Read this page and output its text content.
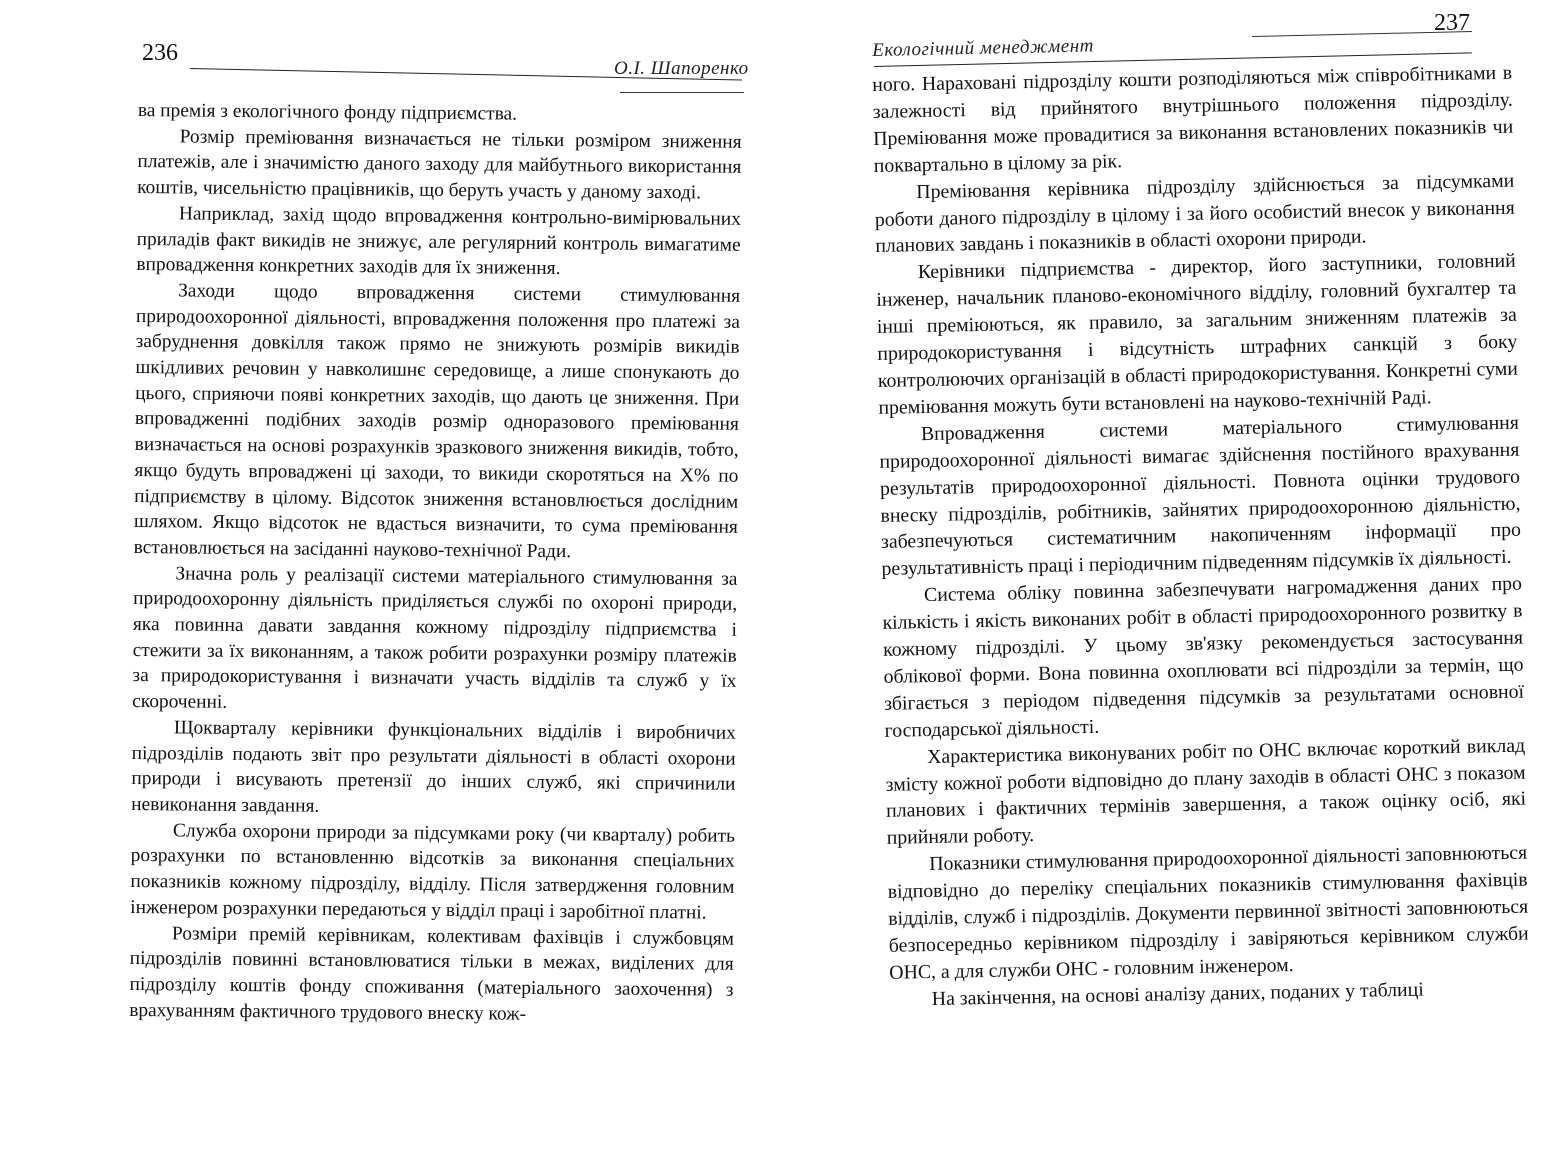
236
О.І. Шапоренко

ва премія з екологічного фонду підприємства.

Розмір преміювання визначається не тільки розміром зниження платежів, але і значимістю даного заходу для майбутнього використання коштів, чисельністю працівників, що беруть участь у даному заході.

Наприклад, захід щодо впровадження контрольно-вимірювальних приладів факт викидів не знижує, але регулярний контроль вимагатиме впровадження конкретних заходів для їх зниження.

Заходи щодо впровадження системи стимулювання природоохоронної діяльності, впровадження положення про платежі за забруднення довкілля також прямо не знижують розмірів викидів шкідливих речовин у навколишнє середовище, а лише спонукають до цього, сприяючи появі конкретних заходів, що дають це зниження. При впровадженні подібних заходів розмір одноразового преміювання визначається на основі розрахунків зразкового зниження викидів, тобто, якщо будуть впроваджені ці заходи, то викиди скоротяться на X% по підприємству в цілому. Відсоток зниження встановлюється дослідним шляхом. Якщо відсоток не вдасться визначити, то сума преміювання встановлюється на засіданні науково-технічної Ради.

Значна роль у реалізації системи матеріального стимулювання за природоохоронну діяльність приділяється службі по охороні природи, яка повинна давати завдання кожному підрозділу підприємства і стежити за їх виконанням, а також робити розрахунки розміру платежів за природокористування і визначати участь відділів та служб у їх скороченні.

Щокварталу керівники функціональних відділів і виробничих підрозділів подають звіт про результати діяльності в області охорони природи і висувають претензії до інших служб, які спричинили невиконання завдання.

Служба охорони природи за підсумками року (чи кварталу) робить розрахунки по встановленню відсотків за виконання спеціальних показників кожному підрозділу, відділу. Після затвердження головним інженером розрахунки передаються у відділ праці і заробітної платні.

Розміри премій керівникам, колективам фахівців і службовцям підрозділів повинні встановлюватися тільки в межах, виділених для підрозділу коштів фонду споживання (матеріального заохочення) з врахуванням фактичного трудового внеску кож-

237
Екологічний менеджмент

ного. Нараховані підрозділу кошти розподіляються між співробітниками в залежності від прийнятого внутрішнього положення підрозділу. Преміювання може провадитися за виконання встановлених показників чи поквартально в цілому за рік.

Преміювання керівника підрозділу здійснюється за підсумками роботи даного підрозділу в цілому і за його особистий внесок у виконання планових завдань і показників в області охорони природи.

Керівники підприємства - директор, його заступники, головний інженер, начальник планово-економічного відділу, головний бухгалтер та інші преміюються, як правило, за загальним зниженням платежів за природокористування і відсутність штрафних санкцій з боку контролюючих організацій в області природокористування. Конкретні суми преміювання можуть бути встановлені на науково-технічній Раді.

Впровадження системи матеріального стимулювання природоохоронної діяльності вимагає здійснення постійного врахування результатів природоохоронної діяльності. Повнота оцінки трудового внеску підрозділів, робітників, зайнятих природоохоронною діяльністю, забезпечуються систематичним накопиченням інформації про результативність праці і періодичним підведенням підсумків їх діяльності.

Система обліку повинна забезпечувати нагромадження даних про кількість і якість виконаних робіт в області природоохоронного розвитку в кожному підрозділі. У цьому зв'язку рекомендується застосування облікової форми. Вона повинна охоплювати всі підрозділи за термін, що збігається з періодом підведення підсумків за результатами основної господарської діяльності.

Характеристика виконуваних робіт по ОНС включає короткий виклад змісту кожної роботи відповідно до плану заходів в області ОНС з показом планових і фактичних термінів завершення, а також оцінку осіб, які прийняли роботу.

Показники стимулювання природоохоронної діяльності заповнюються відповідно до переліку спеціальних показників стимулювання фахівців відділів, служб і підрозділів. Документи первинної звітності заповнюються безпосередньо керівником підрозділу і завіряються керівником служби ОНС, а для служби ОНС - головним інженером.

На закінчення, на основі аналізу даних, поданих у таблиці
